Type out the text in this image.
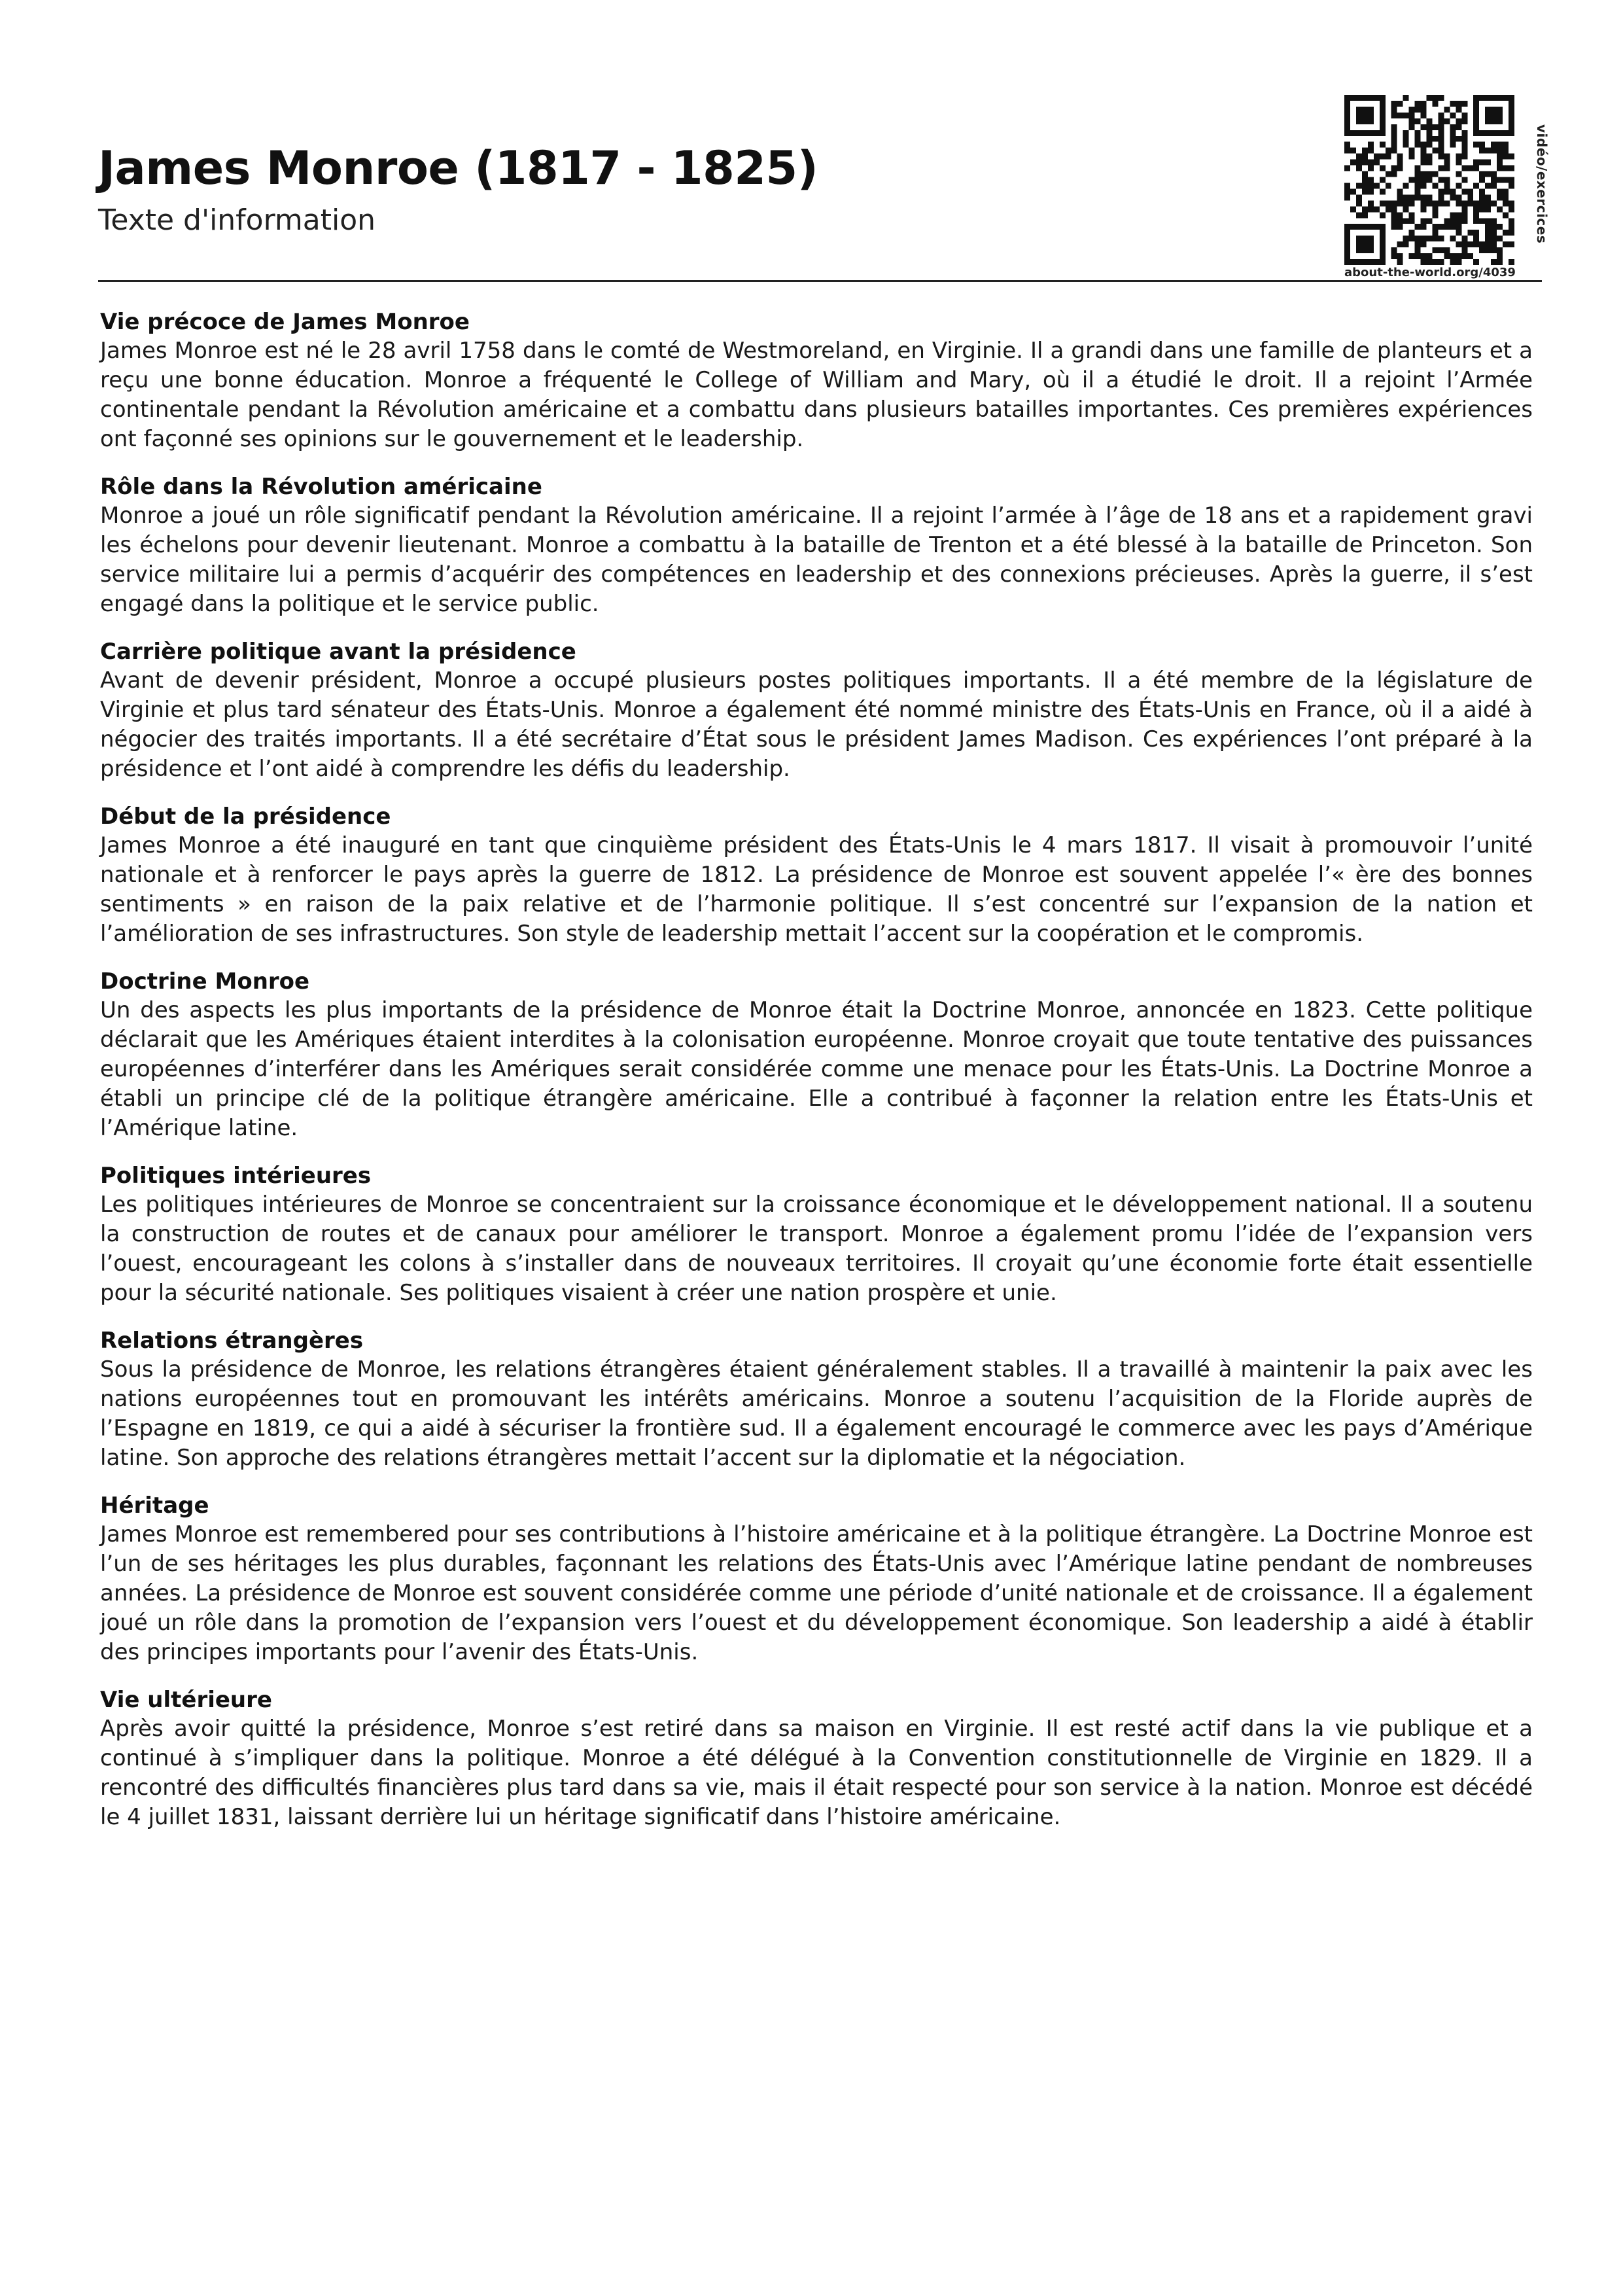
James Monroe (1817 - 1825)
Texte d'information	vidéo/exercices
about-the-world.org/4039

Vie précoce de James Monroe

James Monroe est né le 28 avril 1758 dans le comté de Westmoreland, en Virginie. Il a grandi dans une famille de planteurs et a reçu une bonne éducation. Monroe a fréquenté le College of William and Mary, où il a étudié le droit. Il a rejoint l’Armée continentale pendant la Révolution américaine et a combattu dans plusieurs batailles importantes. Ces premières expériences ont façonné ses opinions sur le gouvernement et le leadership.

Rôle dans la Révolution américaine

Monroe a joué un rôle significatif pendant la Révolution américaine. Il a rejoint l’armée à l’âge de 18 ans et a rapidement gravi les échelons pour devenir lieutenant. Monroe a combattu à la bataille de Trenton et a été blessé à la bataille de Princeton. Son service militaire lui a permis d’acquérir des compétences en leadership et des connexions précieuses. Après la guerre, il s’est engagé dans la politique et le service public.

Carrière politique avant la présidence

Avant de devenir président, Monroe a occupé plusieurs postes politiques importants. Il a été membre de la législature de Virginie et plus tard sénateur des États-Unis. Monroe a également été nommé ministre des États-Unis en France, où il a aidé à négocier des traités importants. Il a été secrétaire d’État sous le président James Madison. Ces expériences l’ont préparé à la présidence et l’ont aidé à comprendre les défis du leadership.

Début de la présidence

James Monroe a été inauguré en tant que cinquième président des États-Unis le 4 mars 1817. Il visait à promouvoir l’unité nationale et à renforcer le pays après la guerre de 1812. La présidence de Monroe est souvent appelée l’« ère des bonnes sentiments » en raison de la paix relative et de l’harmonie politique. Il s’est concentré sur l’expansion de la nation et l’amélioration de ses infrastructures. Son style de leadership mettait l’accent sur la coopération et le compromis.

Doctrine Monroe

Un des aspects les plus importants de la présidence de Monroe était la Doctrine Monroe, annoncée en 1823. Cette politique déclarait que les Amériques étaient interdites à la colonisation européenne. Monroe croyait que toute tentative des puissances européennes d’interférer dans les Amériques serait considérée comme une menace pour les États-Unis. La Doctrine Monroe a établi un principe clé de la politique étrangère américaine. Elle a contribué à façonner la relation entre les États-Unis et l’Amérique latine.

Politiques intérieures

Les politiques intérieures de Monroe se concentraient sur la croissance économique et le développement national. Il a soutenu la construction de routes et de canaux pour améliorer le transport. Monroe a également promu l’idée de l’expansion vers l’ouest, encourageant les colons à s’installer dans de nouveaux territoires. Il croyait qu’une économie forte était essentielle pour la sécurité nationale. Ses politiques visaient à créer une nation prospère et unie.

Relations étrangères

Sous la présidence de Monroe, les relations étrangères étaient généralement stables. Il a travaillé à maintenir la paix avec les nations européennes tout en promouvant les intérêts américains. Monroe a soutenu l’acquisition de la Floride auprès de l’Espagne en 1819, ce qui a aidé à sécuriser la frontière sud. Il a également encouragé le commerce avec les pays d’Amérique latine. Son approche des relations étrangères mettait l’accent sur la diplomatie et la négociation.

Héritage

James Monroe est remembered pour ses contributions à l’histoire américaine et à la politique étrangère. La Doctrine Monroe est l’un de ses héritages les plus durables, façonnant les relations des États-Unis avec l’Amérique latine pendant de nombreuses années. La présidence de Monroe est souvent considérée comme une période d’unité nationale et de croissance. Il a également joué un rôle dans la promotion de l’expansion vers l’ouest et du développement économique. Son leadership a aidé à établir des principes importants pour l’avenir des États-Unis.

Vie ultérieure

Après avoir quitté la présidence, Monroe s’est retiré dans sa maison en Virginie. Il est resté actif dans la vie publique et a continué à s’impliquer dans la politique. Monroe a été délégué à la Convention constitutionnelle de Virginie en 1829. Il a rencontré des difficultés financières plus tard dans sa vie, mais il était respecté pour son service à la nation. Monroe est décédé le 4 juillet 1831, laissant derrière lui un héritage significatif dans l’histoire américaine.
